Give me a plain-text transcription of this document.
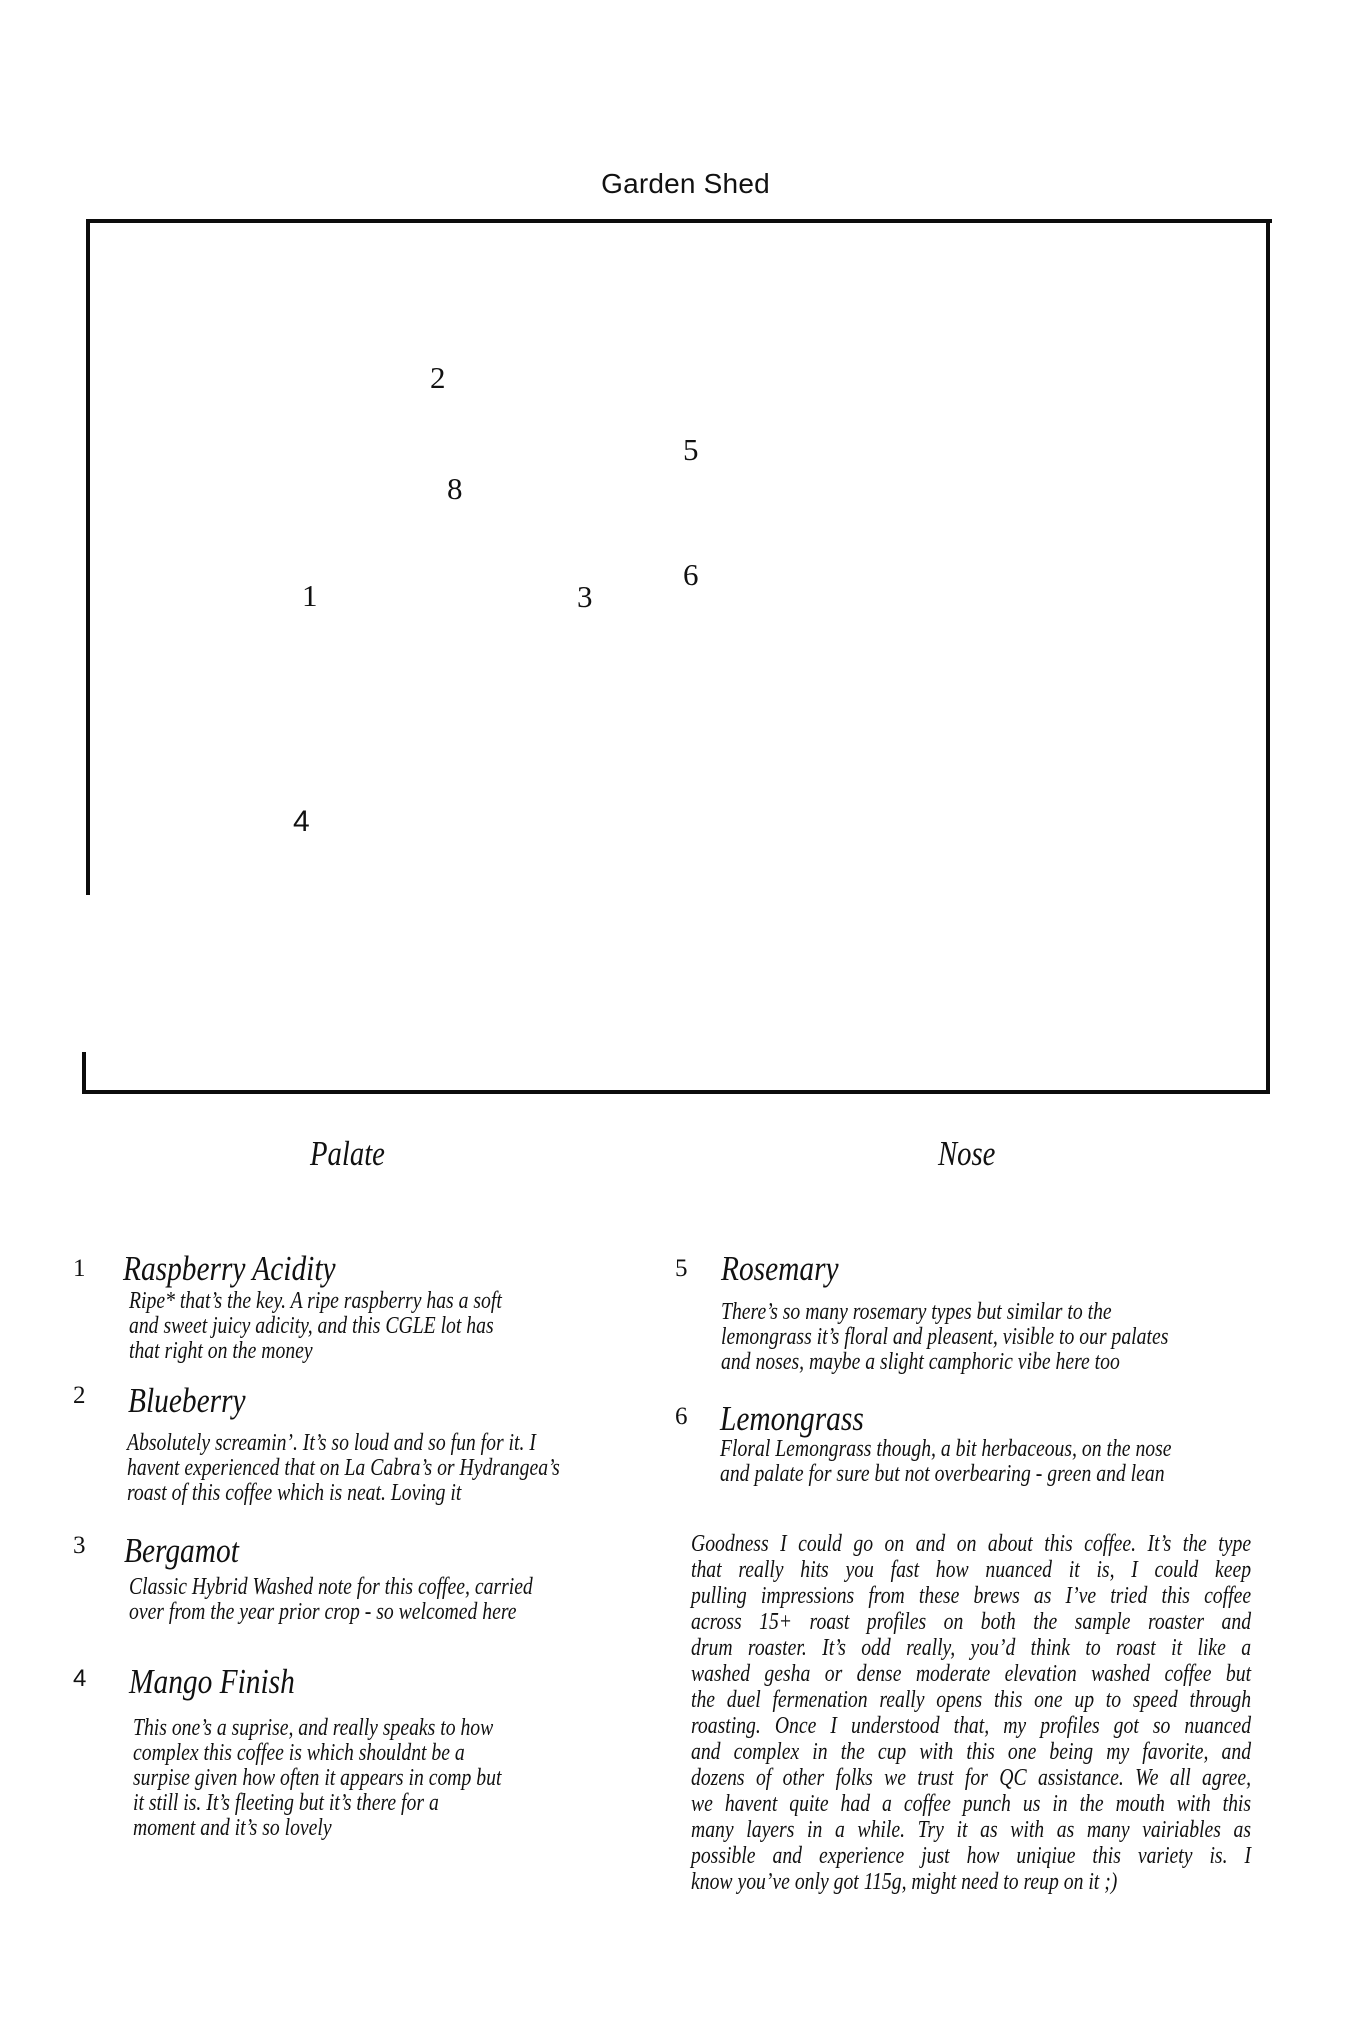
Garden Shed
2
5
8
1	3
6
4
Palate	Nose
1 Raspberry Acidity
Ripe* that’s the key. A ripe raspberry has a soft
and sweet juicy adicity, and this CGLE lot has
that right on the money
2 Blueberry
Absolutely screamin’. It’s so loud and so fun for it. I
havent experienced that on La Cabra’s or Hydrangea’s
roast of this coffee which is neat. Loving it
3 Bergamot
Classic Hybrid Washed note for this coffee, carried
over from the year prior crop - so welcomed here
4 Mango Finish
This one’s a suprise, and really speaks to how
complex this coffee is which shouldnt be a
surpise given how often it appears in comp but
it still is. It’s fleeting but it’s there for a
moment and it’s so lovely
5 Rosemary
There’s so many rosemary types but similar to the
lemongrass it’s floral and pleasent, visible to our palates
and noses, maybe a slight camphoric vibe here too
6 Lemongrass
Floral Lemongrass though, a bit herbaceous, on the nose
and palate for sure but not overbearing - green and lean
Goodness I could go on and on about this coffee. It’s the type
that really hits you fast how nuanced it is, I could keep
pulling impressions from these brews as I’ve tried this coffee
across 15+ roast profiles on both the sample roaster and
drum roaster. It’s odd really, you’d think to roast it like a
washed gesha or dense moderate elevation washed coffee but
the duel fermenation really opens this one up to speed through
roasting. Once I understood that, my profiles got so nuanced
and complex in the cup with this one being my favorite, and
dozens of other folks we trust for QC assistance. We all agree,
we havent quite had a coffee punch us in the mouth with this
many layers in a while. Try it as with as many vairiables as
possible and experience just how uniqiue this variety is. I
know you’ve only got 115g, might need to reup on it ;)
